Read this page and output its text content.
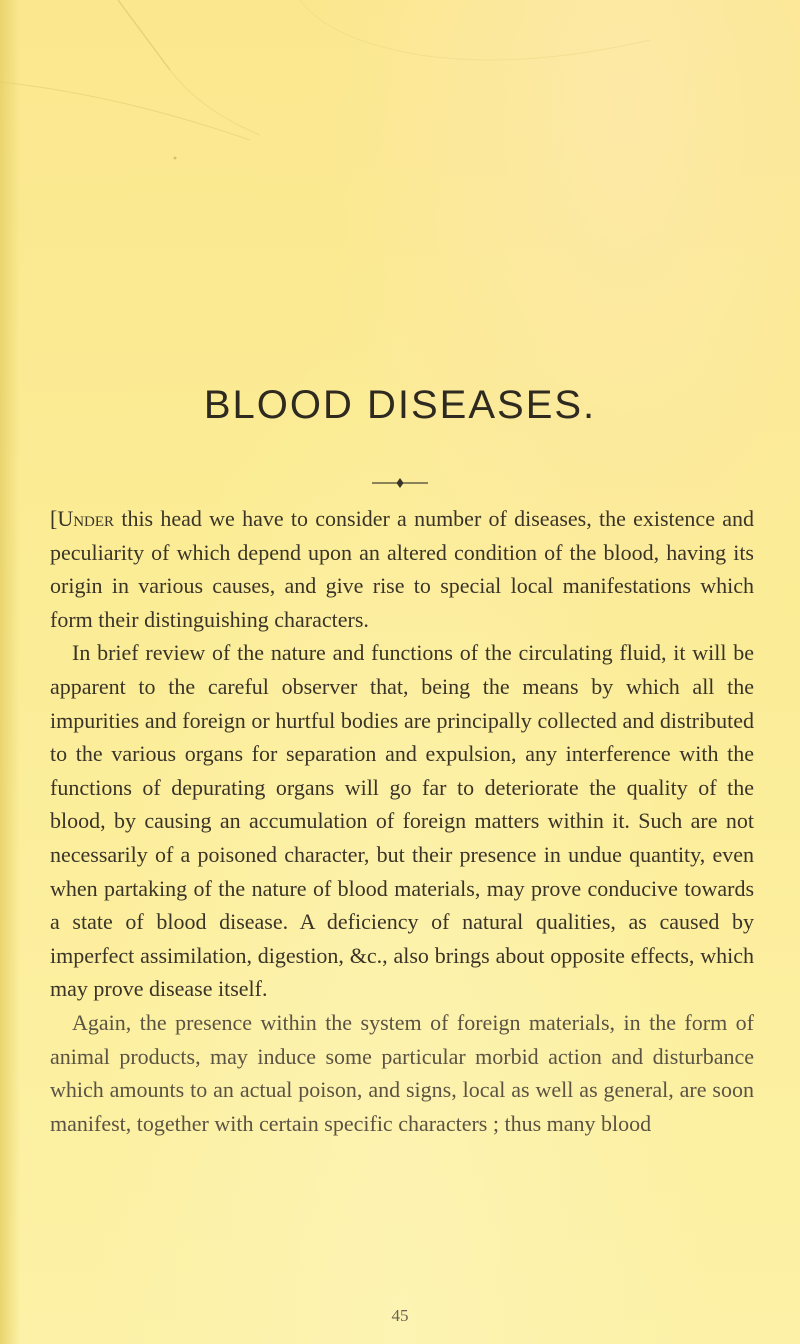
BLOOD DISEASES.

[Under this head we have to consider a number of diseases, the existence and peculiarity of which depend upon an altered condition of the blood, having its origin in various causes, and give rise to special local manifestations which form their distinguishing characters.

In brief review of the nature and functions of the circulating fluid, it will be apparent to the careful observer that, being the means by which all the impurities and foreign or hurtful bodies are principally collected and distributed to the various organs for separation and expulsion, any interference with the functions of depurating organs will go far to deteriorate the quality of the blood, by causing an accumulation of foreign matters within it. Such are not necessarily of a poisoned character, but their presence in undue quantity, even when partaking of the nature of blood materials, may prove conducive towards a state of blood disease. A deficiency of natural qualities, as caused by imperfect assimilation, digestion, &c., also brings about opposite effects, which may prove disease itself.

Again, the presence within the system of foreign materials, in the form of animal products, may induce some particular morbid action and disturbance which amounts to an actual poison, and signs, local as well as general, are soon manifest, together with certain specific characters ; thus many blood

45
